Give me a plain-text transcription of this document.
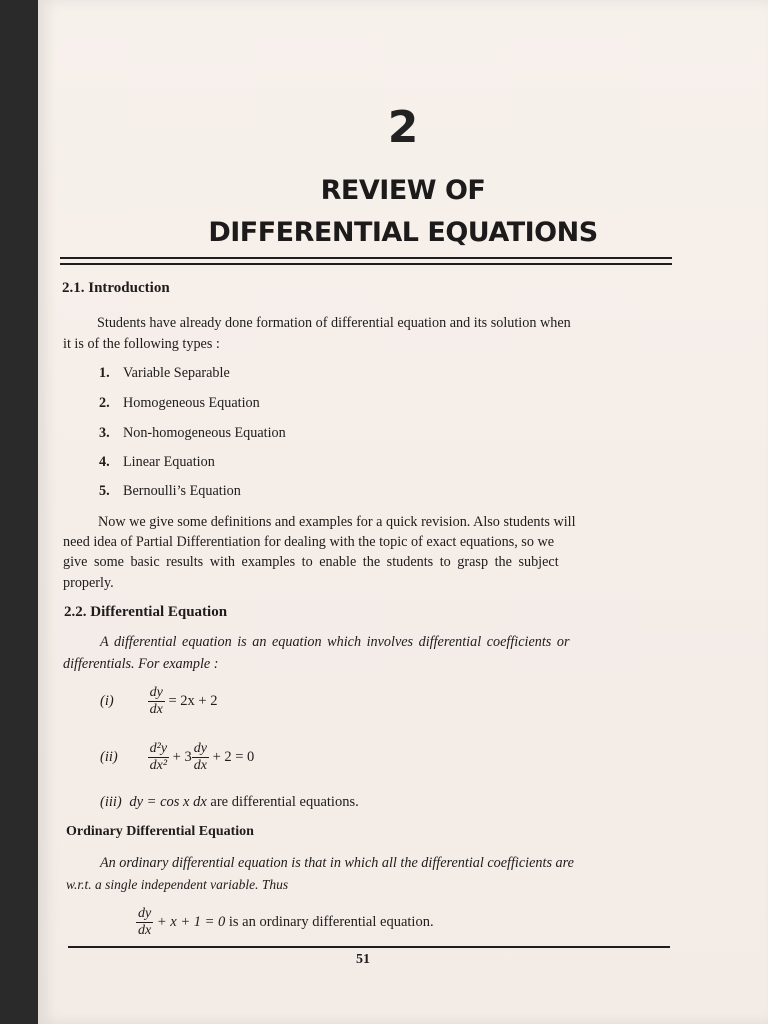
2
REVIEW OF
DIFFERENTIAL EQUATIONS
2.1. Introduction
Students have already done formation of differential equation and its solution when
it is of the following types :
1. Variable Separable
2. Homogeneous Equation
3. Non-homogeneous Equation
4. Linear Equation
5. Bernoulli’s Equation
Now we give some definitions and examples for a quick revision. Also students will
need idea of Partial Differentiation for dealing with the topic of exact equations, so we
give some basic results with examples to enable the students to grasp the subject
properly.
2.2. Differential Equation
A differential equation is an equation which involves differential coefficients or
differentials. For example :
$(i) \frac{dy}{dx} = 2x + 2$
$(ii) \frac{\text{d²y}}{\text{dx²}} + 3 \frac{dy}{dx} + 2 = 0$
(iii) dy = cos x dx are differential equations.
Ordinary Differential Equation
An ordinary differential equation is that in which all the differential coefficients are
w.r.t. a single independent variable. Thus
$\frac{dy}{dx} + x + 1 = 0$ is an ordinary differential equation.
51
